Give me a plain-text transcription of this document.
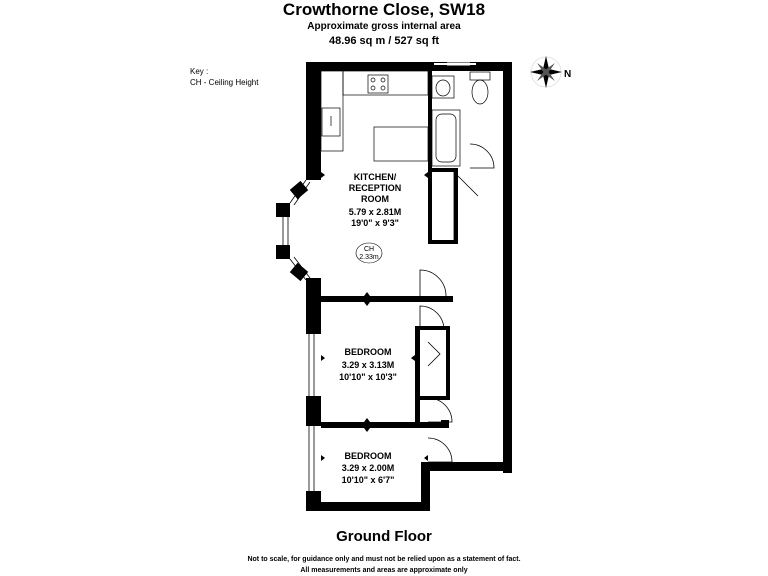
Crowthorne Close, SW18
Approximate gross internal area
48.96 sq m / 527 sq ft
Key :
CH - Ceiling Height
N
KITCHEN/
RECEPTION
ROOM
5.79 x 2.81M
19'0" x 9'3"
CH
2.33m
BEDROOM
3.29 x 3.13M
10'10" x 10'3"
BEDROOM
3.29 x 2.00M
10'10" x 6'7"
Ground Floor
Not to scale, for guidance only and must not be relied upon as a statement of fact.
All measurements and areas are approximate only
